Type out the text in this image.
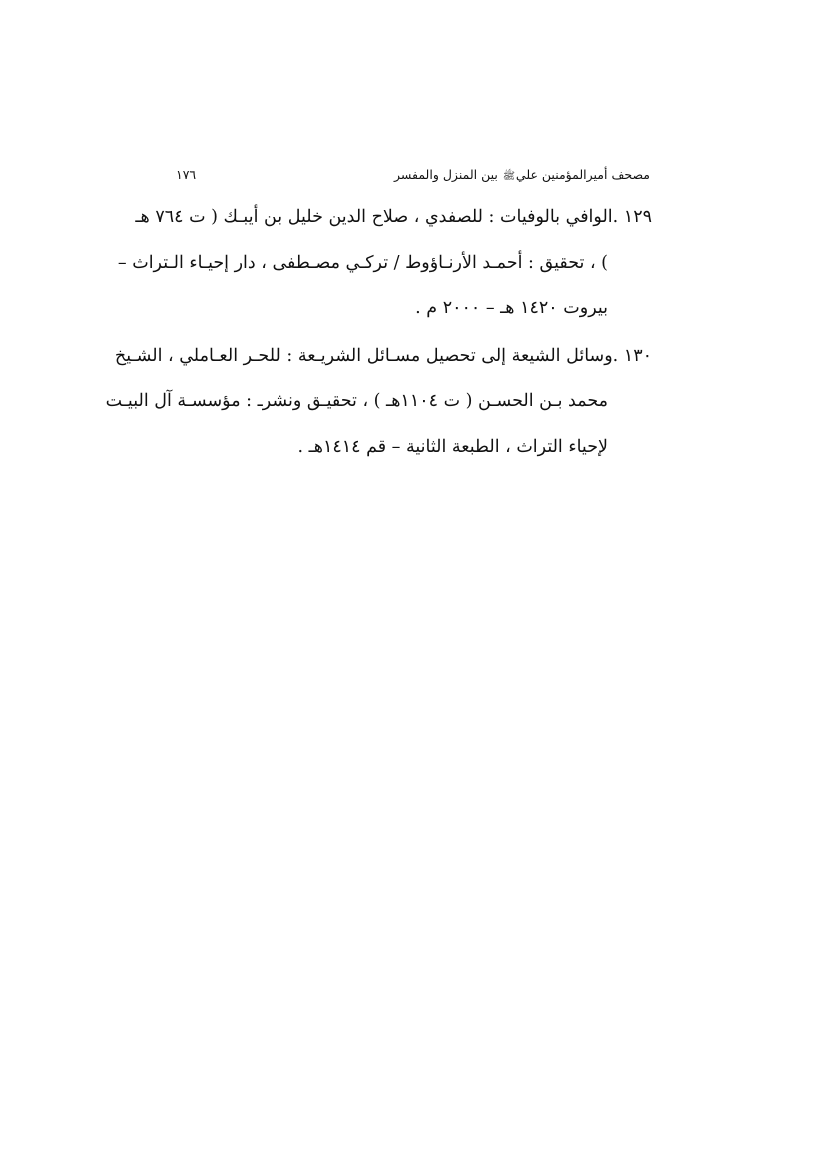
مصحف أميرالمؤمنين عليﷺ بين المنزل والمفسر
١٧٦
١٢٩ .الوافي بالوفيات : للصفدي ، صلاح الدين خليل بن أيبـك ( ت ٧٦٤ هـ
) ، تحقيق : أحمـد الأرنـاؤوط / تركـي مصـطفى ، دار إحيـاء الـتراث –
بيروت ١٤٢٠ هـ – ٢٠٠٠ م .
١٣٠ .وسائل الشيعة إلى تحصيل مسـائل الشريـعة : للحـر العـاملي ، الشـيخ
محمد بـن الحسـن ( ت ١١٠٤هـ ) ، تحقيـق ونشرـ : مؤسسـة آل البيـت
لإحياء التراث ، الطبعة الثانية – قم ١٤١٤هـ .
